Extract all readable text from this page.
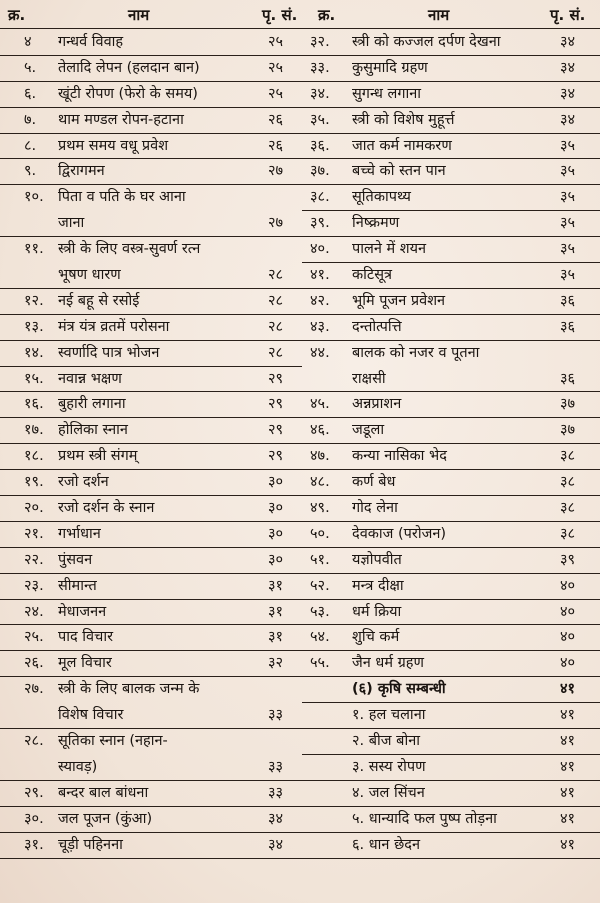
क्र.	नाम	पृ. सं. क्र.	नाम	पृ. सं.
४ गन्धर्व विवाह	२५
५. तेलादि लेपन (हलदान बान)	२५
६. खूंटी रोपण (फेरो के समय)	२५
७. थाम मण्डल रोपन-हटाना	२६
८. प्रथम समय वधू प्रवेश	२६
९. द्विरागमन	२७
१०. पिता व पति के घर आना
जाना	२७
११. स्त्री के लिए वस्त्र-सुवर्ण रत्न
भूषण धारण	२८
१२. नई बहू से रसोई	२८
१३. मंत्र यंत्र व्रतमें परोसना	२८
१४. स्वर्णादि पात्र भोजन	२८
१५. नवान्न भक्षण	२९
१६. बुहारी लगाना	२९
१७. होलिका स्नान	२९
१८. प्रथम स्त्री संगम्	२९
१९. रजो दर्शन	३०
२०. रजो दर्शन के स्नान	३०
२१. गर्भाधान	३०
२२. पुंसवन	३०
२३. सीमान्त	३१
२४. मेधाजनन	३१
२५. पाद विचार	३१
२६. मूल विचार	३२
२७. स्त्री के लिए बालक जन्म के
विशेष विचार	३३
२८. सूतिका स्नान (नहान-
स्यावड़)	३३
२९. बन्दर बाल बांधना	३३
३०. जल पूजन (कुंआ)	३४
३१. चूड़ी पहिनना	३४
३२. स्त्री को कज्जल दर्पण देखना	३४
३३. कुसुमादि ग्रहण	३४
३४. सुगन्ध लगाना	३४
३५. स्त्री को विशेष मुहूर्त्त	३४
३६. जात कर्म नामकरण	३५
३७. बच्चे को स्तन पान	३५
३८. सूतिकापथ्य	३५
३९. निष्क्रमण	३५
४०. पालने में शयन	३५
४१. कटिसूत्र	३५
४२. भूमि पूजन प्रवेशन	३६
४३. दन्तोत्पत्ति	३६
४४. बालक को नजर व पूतना
राक्षसी	३६
४५. अन्नप्राशन	३७
४६. जडूला	३७
४७. कन्या नासिका भेद	३८
४८. कर्ण बेध	३८
४९. गोद लेना	३८
५०. देवकाज (परोजन)	३८
५१. यज्ञोपवीत	३९
५२. मन्त्र दीक्षा	४०
५३. धर्म क्रिया	४०
५४. शुचि कर्म	४०
५५. जैन धर्म ग्रहण	४०
(६) कृषि सम्बन्धी	४१
१. हल चलाना	४१
२. बीज बोना	४१
३. सस्य रोपण	४१
४. जल सिंचन	४१
५. धान्यादि फल पुष्प तोड़ना	४१
६. धान छेदन	४१
